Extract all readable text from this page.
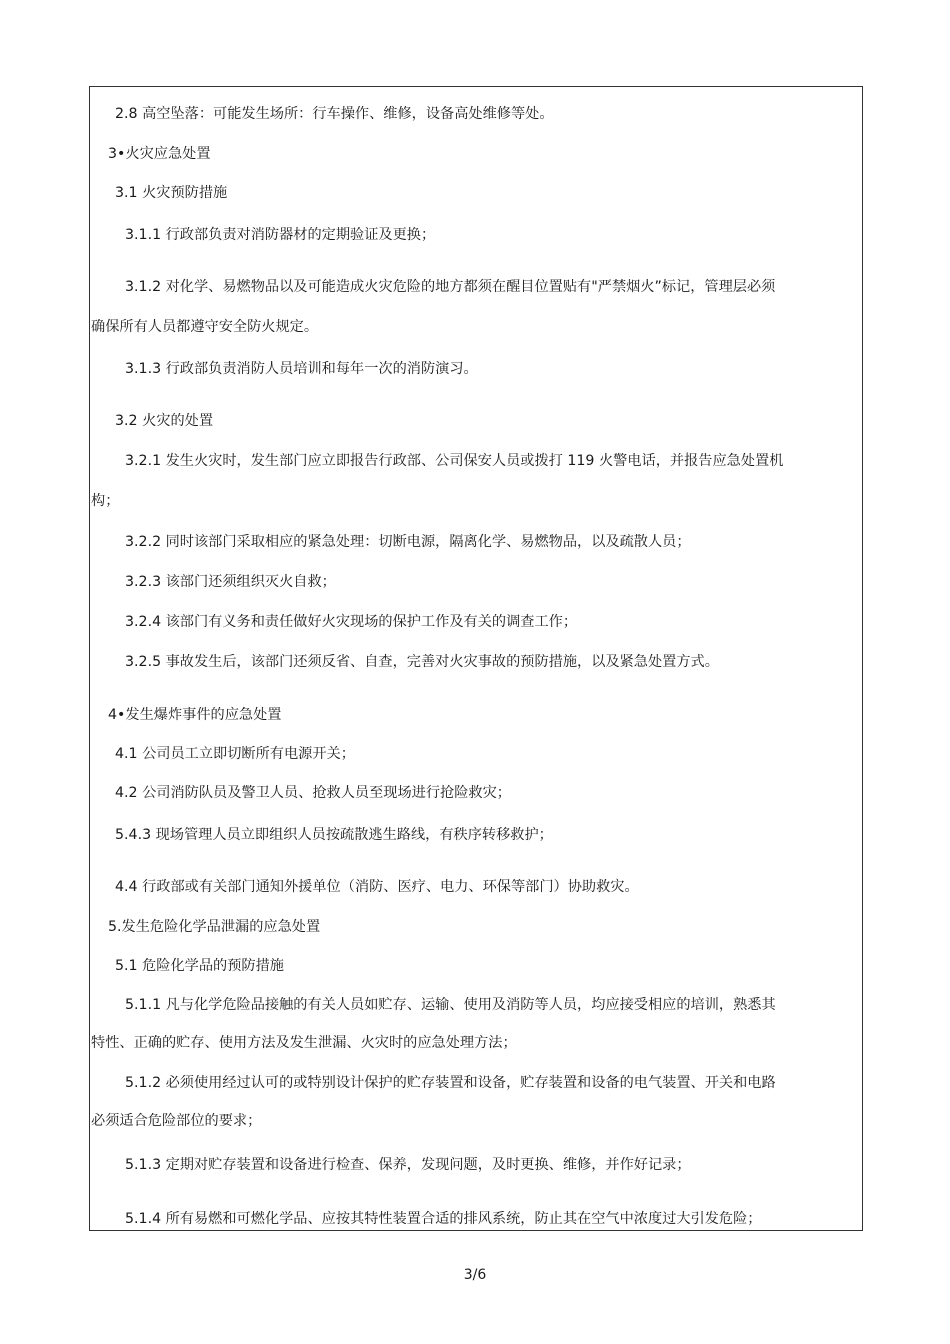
2.8 高空坠落：可能发生场所：行车操作、维修，设备高处维修等处。
3•火灾应急处置
3.1 火灾预防措施
3.1.1 行政部负责对消防器材的定期验证及更换；
3.1.2 对化学、易燃物品以及可能造成火灾危险的地方都须在醒目位置贴有"严禁烟火”标记，管理层必须
确保所有人员都遵守安全防火规定。
3.1.3 行政部负责消防人员培训和每年一次的消防演习。
3.2 火灾的处置
3.2.1 发生火灾时，发生部门应立即报告行政部、公司保安人员或拨打 119 火警电话，并报告应急处置机
构；
3.2.2 同时该部门采取相应的紧急处理：切断电源，隔离化学、易燃物品，以及疏散人员；
3.2.3 该部门还须组织灭火自救；
3.2.4 该部门有义务和责任做好火灾现场的保护工作及有关的调查工作；
3.2.5 事故发生后，该部门还须反省、自查，完善对火灾事故的预防措施，以及紧急处置方式。
4•发生爆炸事件的应急处置
4.1 公司员工立即切断所有电源开关；
4.2 公司消防队员及警卫人员、抢救人员至现场进行抢险救灾；
5.4.3 现场管理人员立即组织人员按疏散逃生路线，有秩序转移救护；
4.4 行政部或有关部门通知外援单位（消防、医疗、电力、环保等部门）协助救灾。
5.发生危险化学品泄漏的应急处置
5.1 危险化学品的预防措施
5.1.1 凡与化学危险品接触的有关人员如贮存、运输、使用及消防等人员，均应接受相应的培训，熟悉其
特性、正确的贮存、使用方法及发生泄漏、火灾时的应急处理方法；
5.1.2 必须使用经过认可的或特别设计保护的贮存装置和设备，贮存装置和设备的电气装置、开关和电路
必须适合危险部位的要求；
5.1.3 定期对贮存装置和设备进行检查、保养，发现问题，及时更换、维修，并作好记录；
5.1.4 所有易燃和可燃化学品、应按其特性装置合适的排风系统，防止其在空气中浓度过大引发危险；
3/6
